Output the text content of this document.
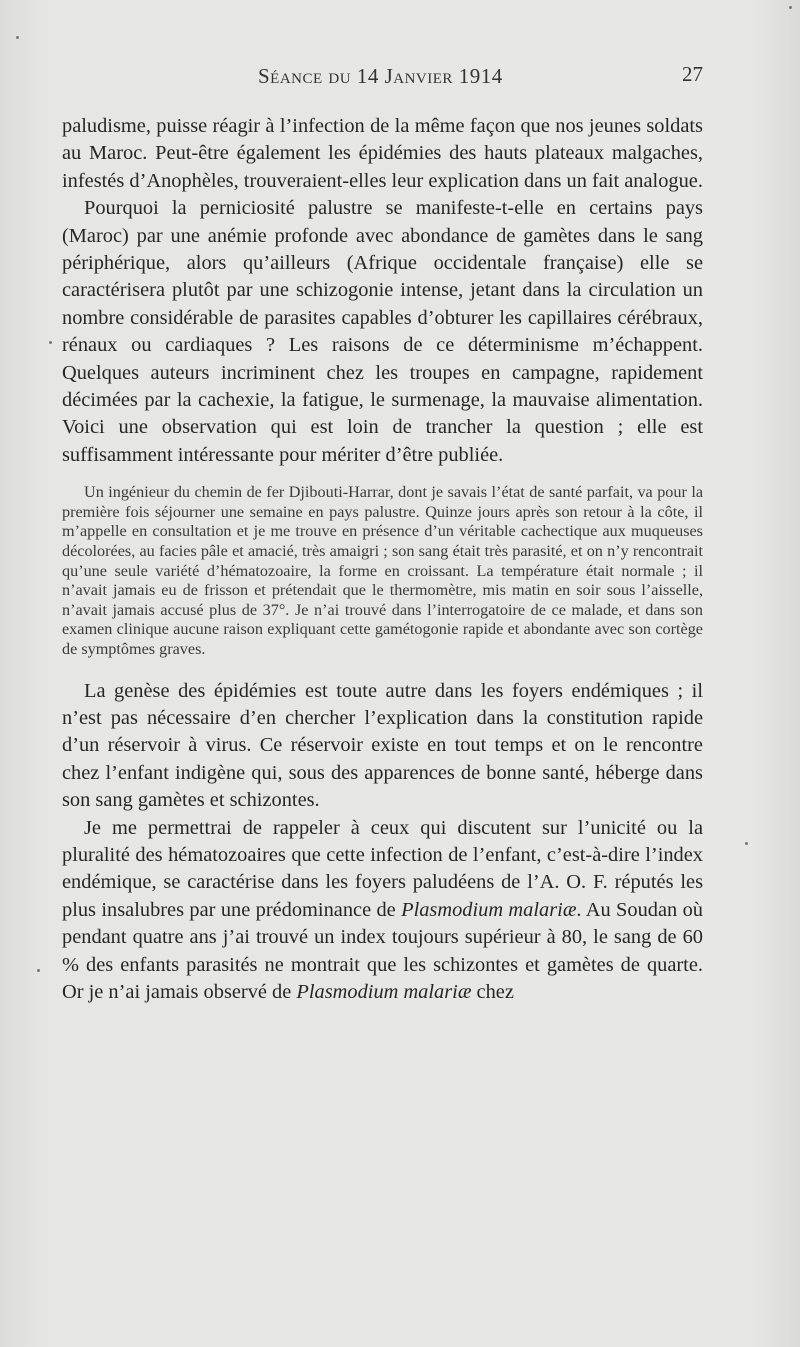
Séance du 14 Janvier 1914	27

paludisme, puisse réagir à l’infection de la même façon que nos jeunes soldats au Maroc. Peut-être également les épidémies des hauts plateaux malgaches, infestés d’Anophèles, trouveraient-elles leur explication dans un fait analogue.

Pourquoi la perniciosité palustre se manifeste-t-elle en certains pays (Maroc) par une anémie profonde avec abondance de gamètes dans le sang périphérique, alors qu’ailleurs (Afrique occidentale française) elle se caractérisera plutôt par une schizogonie intense, jetant dans la circulation un nombre considérable de parasites capables d’obturer les capillaires cérébraux, rénaux ou cardiaques ? Les raisons de ce déterminisme m’échappent. Quelques auteurs incriminent chez les troupes en campagne, rapidement décimées par la cachexie, la fatigue, le surmenage, la mauvaise alimentation. Voici une observation qui est loin de trancher la question ; elle est suffisamment intéressante pour mériter d’être publiée.

Un ingénieur du chemin de fer Djibouti-Harrar, dont je savais l’état de santé parfait, va pour la première fois séjourner une semaine en pays palustre. Quinze jours après son retour à la côte, il m’appelle en consultation et je me trouve en présence d’un véritable cachectique aux muqueuses décolorées, au facies pâle et amacié, très amaigri ; son sang était très parasité, et on n’y rencontrait qu’une seule variété d’hématozoaire, la forme en croissant. La température était normale ; il n’avait jamais eu de frisson et prétendait que le thermomètre, mis matin en soir sous l’aisselle, n’avait jamais accusé plus de 37°. Je n’ai trouvé dans l’interrogatoire de ce malade, et dans son examen clinique aucune raison expliquant cette gamétogonie rapide et abondante avec son cortège de symptômes graves.

La genèse des épidémies est toute autre dans les foyers endémiques ; il n’est pas nécessaire d’en chercher l’explication dans la constitution rapide d’un réservoir à virus. Ce réservoir existe en tout temps et on le rencontre chez l’enfant indigène qui, sous des apparences de bonne santé, héberge dans son sang gamètes et schizontes.

Je me permettrai de rappeler à ceux qui discutent sur l’unicité ou la pluralité des hématozoaires que cette infection de l’enfant, c’est-à-dire l’index endémique, se caractérise dans les foyers paludéens de l’A. O. F. réputés les plus insalubres par une prédominance de Plasmodium malariæ. Au Soudan où pendant quatre ans j’ai trouvé un index toujours supérieur à 80, le sang de 60 % des enfants parasités ne montrait que les schizontes et gamètes de quarte. Or je n’ai jamais observé de Plasmodium malariæ chez
